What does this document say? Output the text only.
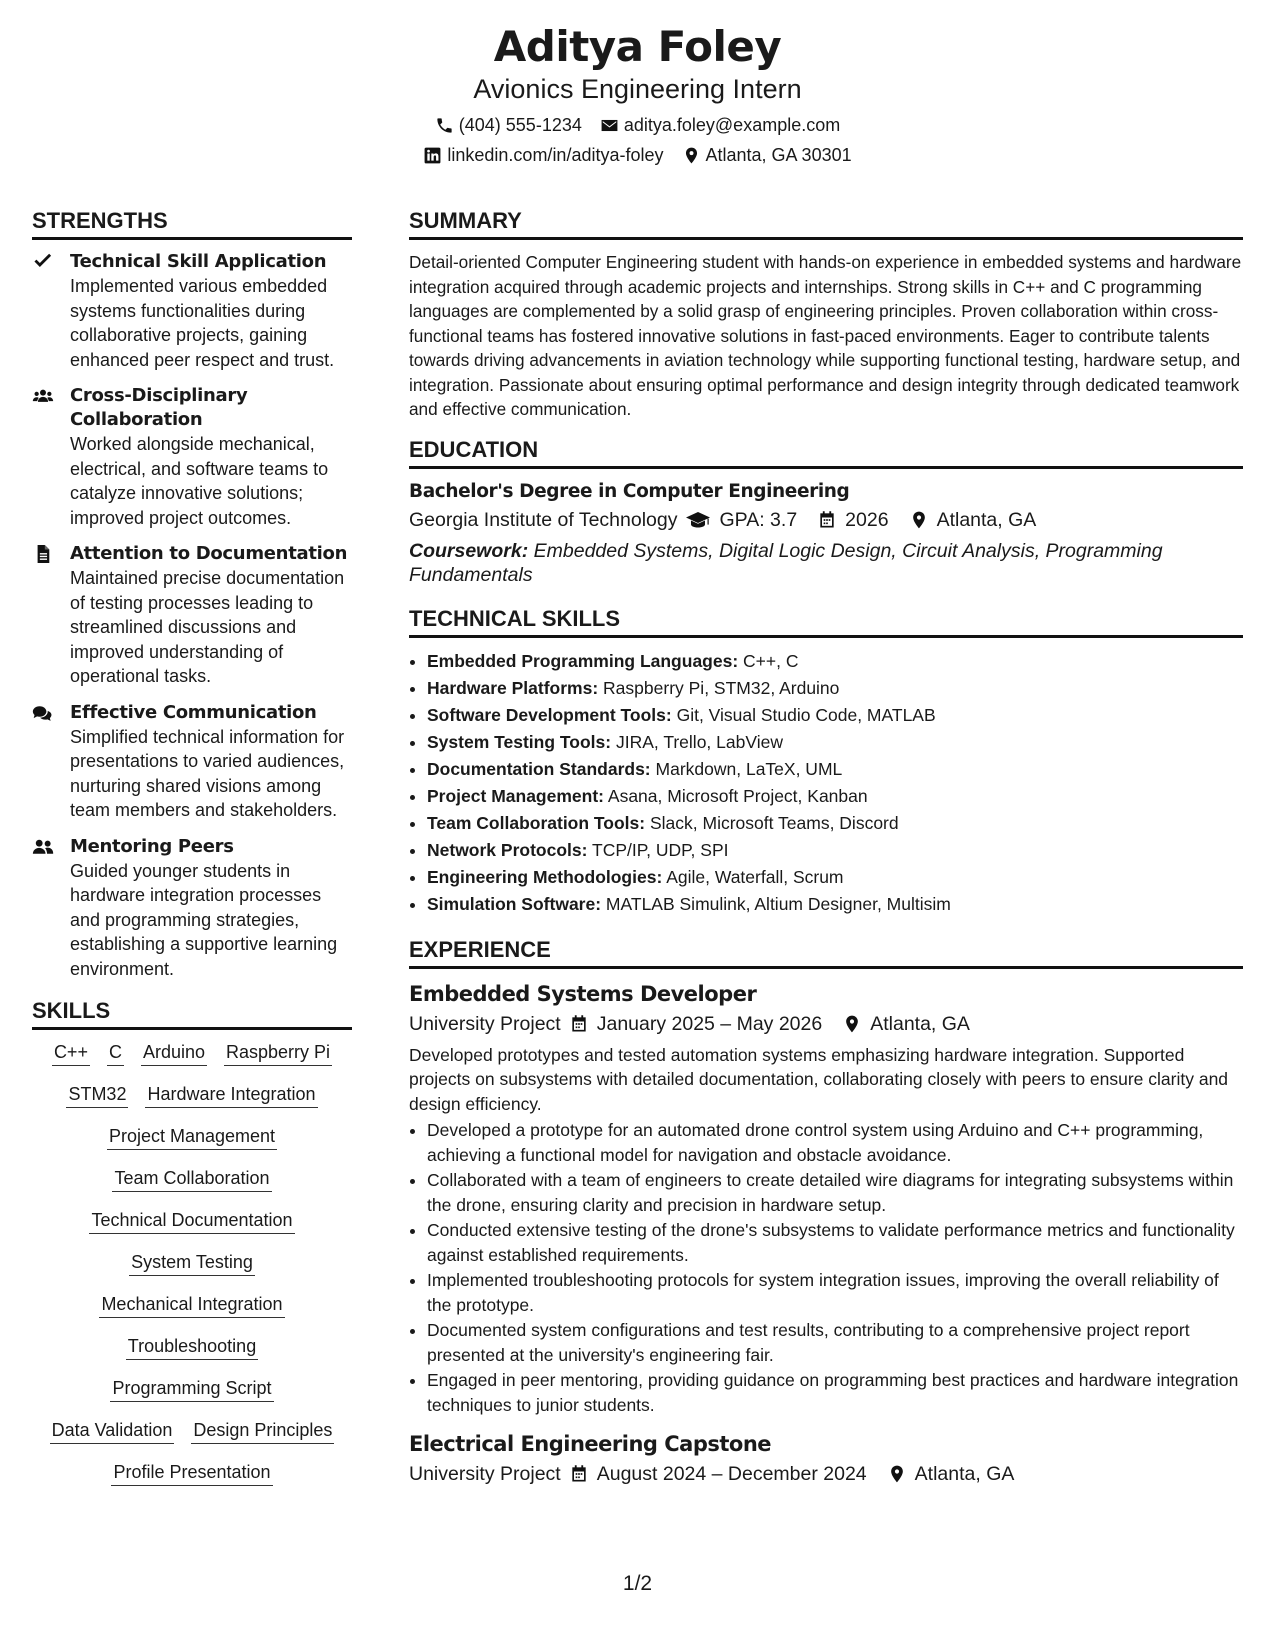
Aditya Foley
Avionics Engineering Intern
(404) 555-1234 aditya.foley@example.com
linkedin.com/in/aditya-foley Atlanta, GA 30301
STRENGTHS
Technical Skill Application
Implemented various embedded systems functionalities during collaborative projects, gaining enhanced peer respect and trust.
Cross-Disciplinary Collaboration
Worked alongside mechanical, electrical, and software teams to catalyze innovative solutions; improved project outcomes.
Attention to Documentation
Maintained precise documentation of testing processes leading to streamlined discussions and improved understanding of operational tasks.
Effective Communication
Simplified technical information for presentations to varied audiences, nurturing shared visions among team members and stakeholders.
Mentoring Peers
Guided younger students in hardware integration processes and programming strategies, establishing a supportive learning environment.
SKILLS
C++ C Arduino Raspberry Pi
STM32 Hardware Integration
Project Management
Team Collaboration
Technical Documentation
System Testing
Mechanical Integration
Troubleshooting
Programming Script
Data Validation Design Principles
Profile Presentation
SUMMARY
Detail-oriented Computer Engineering student with hands-on experience in embedded systems and hardware integration acquired through academic projects and internships. Strong skills in C++ and C programming languages are complemented by a solid grasp of engineering principles. Proven collaboration within cross-functional teams has fostered innovative solutions in fast-paced environments. Eager to contribute talents towards driving advancements in aviation technology while supporting functional testing, hardware setup, and integration. Passionate about ensuring optimal performance and design integrity through dedicated teamwork and effective communication.
EDUCATION
Bachelor's Degree in Computer Engineering
Georgia Institute of Technology GPA: 3.7 2026 Atlanta, GA
Coursework: Embedded Systems, Digital Logic Design, Circuit Analysis, Programming Fundamentals
TECHNICAL SKILLS
• Embedded Programming Languages: C++, C
• Hardware Platforms: Raspberry Pi, STM32, Arduino
• Software Development Tools: Git, Visual Studio Code, MATLAB
• System Testing Tools: JIRA, Trello, LabView
• Documentation Standards: Markdown, LaTeX, UML
• Project Management: Asana, Microsoft Project, Kanban
• Team Collaboration Tools: Slack, Microsoft Teams, Discord
• Network Protocols: TCP/IP, UDP, SPI
• Engineering Methodologies: Agile, Waterfall, Scrum
• Simulation Software: MATLAB Simulink, Altium Designer, Multisim
EXPERIENCE
Embedded Systems Developer
University Project January 2025 – May 2026 Atlanta, GA
Developed prototypes and tested automation systems emphasizing hardware integration. Supported projects on subsystems with detailed documentation, collaborating closely with peers to ensure clarity and design efficiency.
• Developed a prototype for an automated drone control system using Arduino and C++ programming, achieving a functional model for navigation and obstacle avoidance.
• Collaborated with a team of engineers to create detailed wire diagrams for integrating subsystems within the drone, ensuring clarity and precision in hardware setup.
• Conducted extensive testing of the drone's subsystems to validate performance metrics and functionality against established requirements.
• Implemented troubleshooting protocols for system integration issues, improving the overall reliability of the prototype.
• Documented system configurations and test results, contributing to a comprehensive project report presented at the university's engineering fair.
• Engaged in peer mentoring, providing guidance on programming best practices and hardware integration techniques to junior students.
Electrical Engineering Capstone
University Project August 2024 – December 2024 Atlanta, GA
1/2
